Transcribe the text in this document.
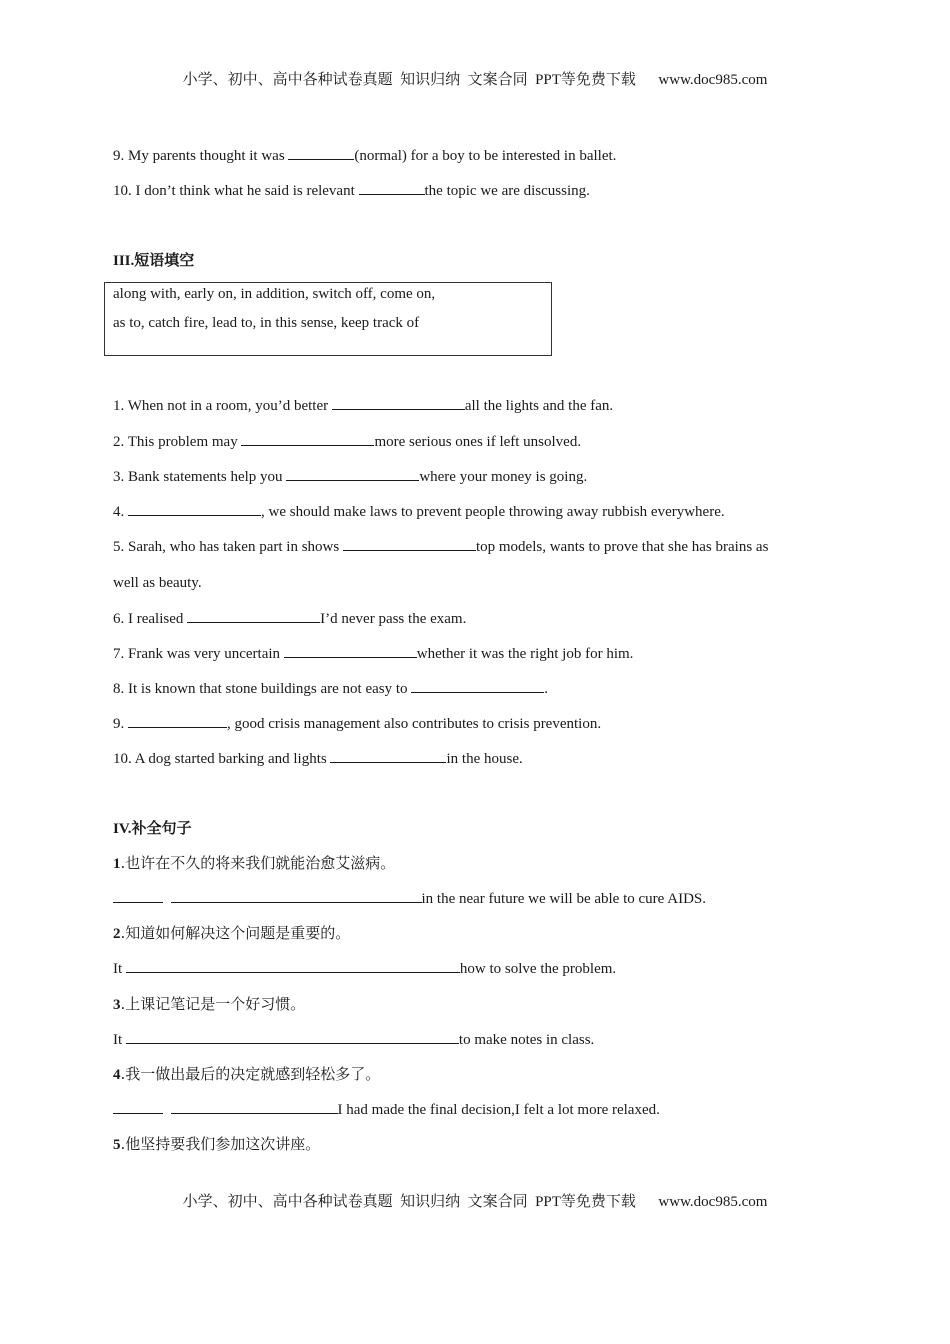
小学、初中、高中各种试卷真题  知识归纳  文案合同  PPT等免费下载      www.doc985.com
9. My parents thought it was	(normal) for a boy to be interested in ballet.
10. I don’t think what he said is relevant	the topic we are discussing.
III.短语填空
along with, early on, in addition, switch off, come on,
as to, catch fire, lead to, in this sense, keep track of
1. When not in a room, you’d better	all the lights and the fan.
2. This problem may	more serious ones if left unsolved.
3. Bank statements help you	where your money is going.
4.	, we should make laws to prevent people throwing away rubbish everywhere.
5. Sarah, who has taken part in shows	top models, wants to prove that she has brains as
well as beauty.
6. I realised	I’d never pass the exam.
7. Frank was very uncertain	whether it was the right job for him.
8. It is known that stone buildings are not easy to	.
9.	, good crisis management also contributes to crisis prevention.
10. A dog started barking and lights	in the house.
IV.补全句子
1.也许在不久的将来我们就能治愈艾滋病。
in the near future we will be able to cure AIDS.
2.知道如何解决这个问题是重要的。
It	how to solve the problem.
3.上课记笔记是一个好习惯。
It	to make notes in class.
4.我一做出最后的决定就感到轻松多了。
I had made the final decision,I felt a lot more relaxed.
5.他坚持要我们参加这次讲座。
小学、初中、高中各种试卷真题  知识归纳  文案合同  PPT等免费下载      www.doc985.com
